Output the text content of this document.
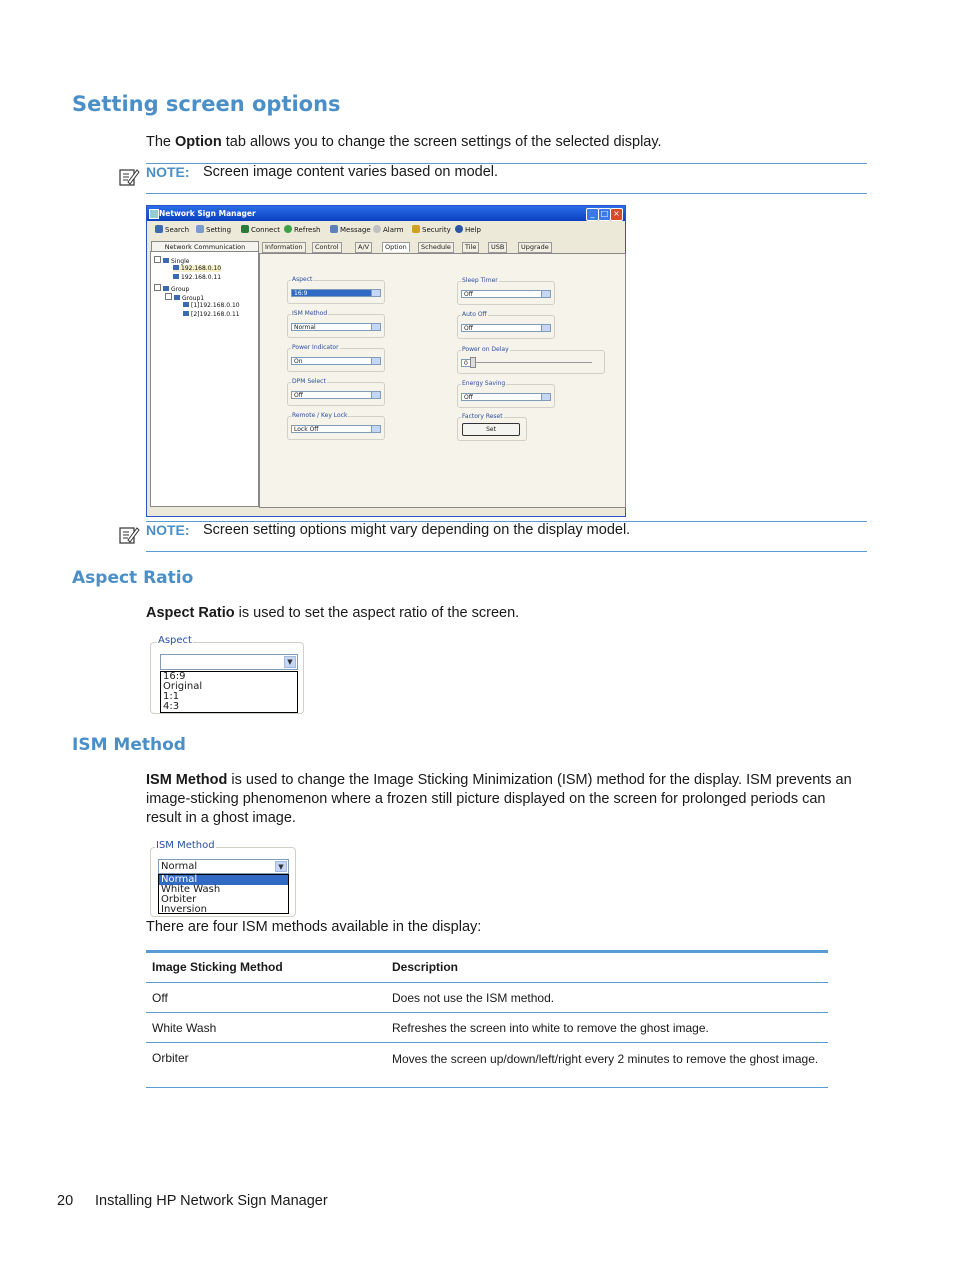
Setting screen options
The Option tab allows you to change the screen settings of the selected display.
NOTE: Screen image content varies based on model.
Network Sign Manager	_ □ ×
Search	Setting	Connect	Refresh	Message	Alarm	Security	Help
Network Communication
Single
192.168.0.10
192.168.0.11
Group
Group1
[1]192.168.0.10
[2]192.168.0.11
Information	Control	A/V	Option	Schedule	Tile	USB	Upgrade
Aspect
16:9
ISM Method
Normal
Power Indicator
On
DPM Select
Off
Remote / Key Lock
Lock Off
Sleep Timer
Off
Auto Off
Off
Power on Delay
0
Energy Saving
Off
Factory Reset
Set
NOTE: Screen setting options might vary depending on the display model.
Aspect Ratio
Aspect Ratio is used to set the aspect ratio of the screen.
Aspect
▼
16:9
Original
1:1
4:3
ISM Method
ISM Method is used to change the Image Sticking Minimization (ISM) method for the display. ISM prevents an image-sticking phenomenon where a frozen still picture displayed on the screen for prolonged periods can result in a ghost image.
ISM Method
Normal	▼
Normal
White Wash
Orbiter
Inversion
There are four ISM methods available in the display:
Image Sticking Method	Description
Off	Does not use the ISM method.
White Wash	Refreshes the screen into white to remove the ghost image.
Orbiter	Moves the screen up/down/left/right every 2 minutes to remove the ghost image.
20 Installing HP Network Sign Manager
